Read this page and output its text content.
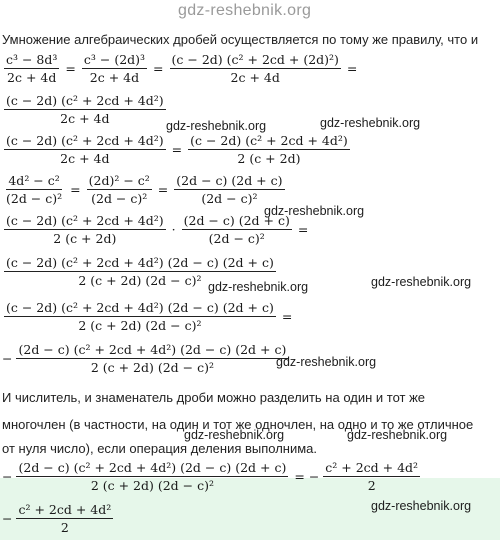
gdz-reshebnik.org
Умножение алгебраических дробей осуществляется по тому же правилу, что и
$\frac{\text{c³ − 8d³}}{2c + 4d} = \frac{\text{c³ − (2d)³}}{2c + 4d} = \frac{\text{(c − 2d) (c² + 2cd + (2d)²)}}{2c + 4d}$ =
$\frac{\text{(c − 2d) (c² + 2cd + 4d²)}}{2c + 4d}$
$\frac{\text{(c − 2d) (c² + 2cd + 4d²)}}{2c + 4d} = \frac{\text{(c − 2d) (c² + 2cd + 4d²)}}{2 (c + 2d)}$
$\frac{\text{4d² − c²}}{\text{(2d − c)²}} = \frac{\text{(2d)² − c²}}{\text{(2d − c)²}} = \frac{(2d - c) (2d + c)}{\text{(2d − c)²}}$
$\frac{\text{(c − 2d) (c² + 2cd + 4d²)}}{2 (c + 2d)} \cdot \frac{(2d - c) (2d + c)}{\text{(2d − c)²}}$ =
$\frac{\text{(c − 2d) (c² + 2cd + 4d²) (2d − c) (2d + c)}}{\text{2 (c + 2d) (2d − c)²}}$
$\frac{\text{(c − 2d) (c² + 2cd + 4d²) (2d − c) (2d + c)}}{\text{2 (c + 2d) (2d − c)²}}$ =
− $\frac{\text{(2d − c) (c² + 2cd + 4d²) (2d − c) (2d + c)}}{\text{2 (c + 2d) (2d − c)²}}$
И числитель, и знаменатель дроби можно разделить на один и тот же
многочлен (в частности, на один и тот же одночлен, на одно и то же отличное
от нуля число), если операция деления выполнима.
− $\frac{\text{(2d − c) (c² + 2cd + 4d²) (2d − c) (2d + c)}}{\text{2 (c + 2d) (2d − c)²}}$ = − $\frac{\text{c² + 2cd + 4d²}}{2}$
− $\frac{\text{c² + 2cd + 4d²}}{2}$
gdz-reshebnik.org	gdz-reshebnik.org
gdz-reshebnik.org
gdz-reshebnik.org	gdz-reshebnik.org
gdz-reshebnik.org
gdz-reshebnik.org	gdz-reshebnik.org
gdz-reshebnik.org
